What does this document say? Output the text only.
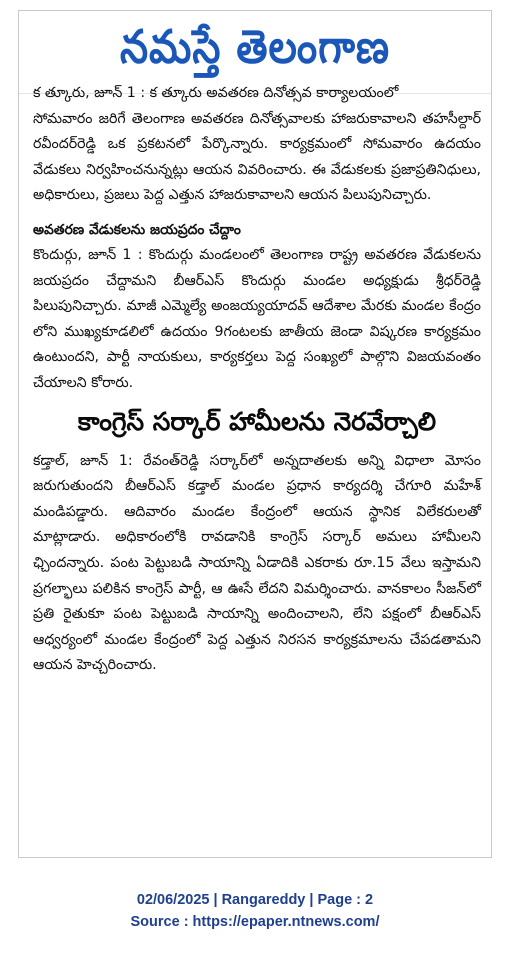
నమస్తే తెలంగాణ

క త్కూరు, జూన్ 1 : క త్కూరు అవతరణ దినోత్సవ కార్యాలయంలో

సోమవారం జరిగే తెలంగాణ అవతరణ దినోత్సవాలకు హాజరుకావాలని తహసీల్దార్ రవీందర్‌రెడ్డి ఒక ప్రకటనలో పేర్కొన్నారు. కార్యక్రమంలో సోమవారం ఉదయం వేడుకలు నిర్వహించనున్నట్లు ఆయన వివరించారు. ఈ వేడుకలకు ప్రజాప్రతినిధులు, అధికారులు, ప్రజలు పెద్ద ఎత్తున హాజరుకావాలని ఆయన పిలుపునిచ్చారు.

అవతరణ వేడుకలను జయప్రదం చేద్దాం

కొందుర్గు, జూన్ 1 : కొందుర్గు మండలంలో తెలంగాణ రాష్ట్ర అవతరణ వేడుకలను జయప్రదం చేద్దామని బీఆర్‌ఎస్ కొందుర్గు మండల అధ్యక్షుడు శ్రీధర్‌రెడ్డి పిలుపునిచ్చారు. మాజీ ఎమ్మెల్యే అంజయ్యయాదవ్ ఆదేశాల మేరకు మండల కేంద్రం లోని ముఖ్యకూడలిలో ఉదయం 9గంటలకు జాతీయ జెండా విష్కరణ కార్యక్రమం ఉంటుందని, పార్టీ నాయకులు, కార్యకర్తలు పెద్ద సంఖ్యలో పాల్గొని విజయవంతం చేయాలని కోరారు.

కాంగ్రెస్ సర్కార్ హామీలను నెరవేర్చాలి

కడ్తాల్, జూన్ 1: రేవంత్‌రెడ్డి సర్కార్‌లో అన్నదాతలకు అన్ని విధాలా మోసం జరుగుతుందని బీఆర్‌ఎస్ కడ్తాల్ మండల ప్రధాన కార్యదర్శి చేగూరి మహేశ్ మండిపడ్డారు. ఆదివారం మండల కేంద్రంలో ఆయన స్థానిక విలేకరులతో మాట్లాడారు. అధికారంలోకి రావడానికి కాంగ్రెస్ సర్కార్ అమలు హామీలని ఛ్చిందన్నారు. పంట పెట్టుబడి సాయాన్ని ఏడాదికి ఎకరాకు రూ.15 వేలు ఇస్తామని ప్రగల్భాలు పలికిన కాంగ్రెస్ పార్టీ, ఆ ఊసే లేదని విమర్శించారు. వానకాలం సీజన్‌లో ప్రతి రైతుకూ పంట పెట్టుబడి సాయాన్ని అందించాలని, లేని పక్షంలో బీఆర్‌ఎస్ ఆధ్వర్యంలో మండల కేంద్రంలో పెద్ద ఎత్తున నిరసన కార్యక్రమాలను చేపడతామని ఆయన హెచ్చరించారు.

02/06/2025 | Rangareddy | Page : 2
Source : https://epaper.ntnews.com/
